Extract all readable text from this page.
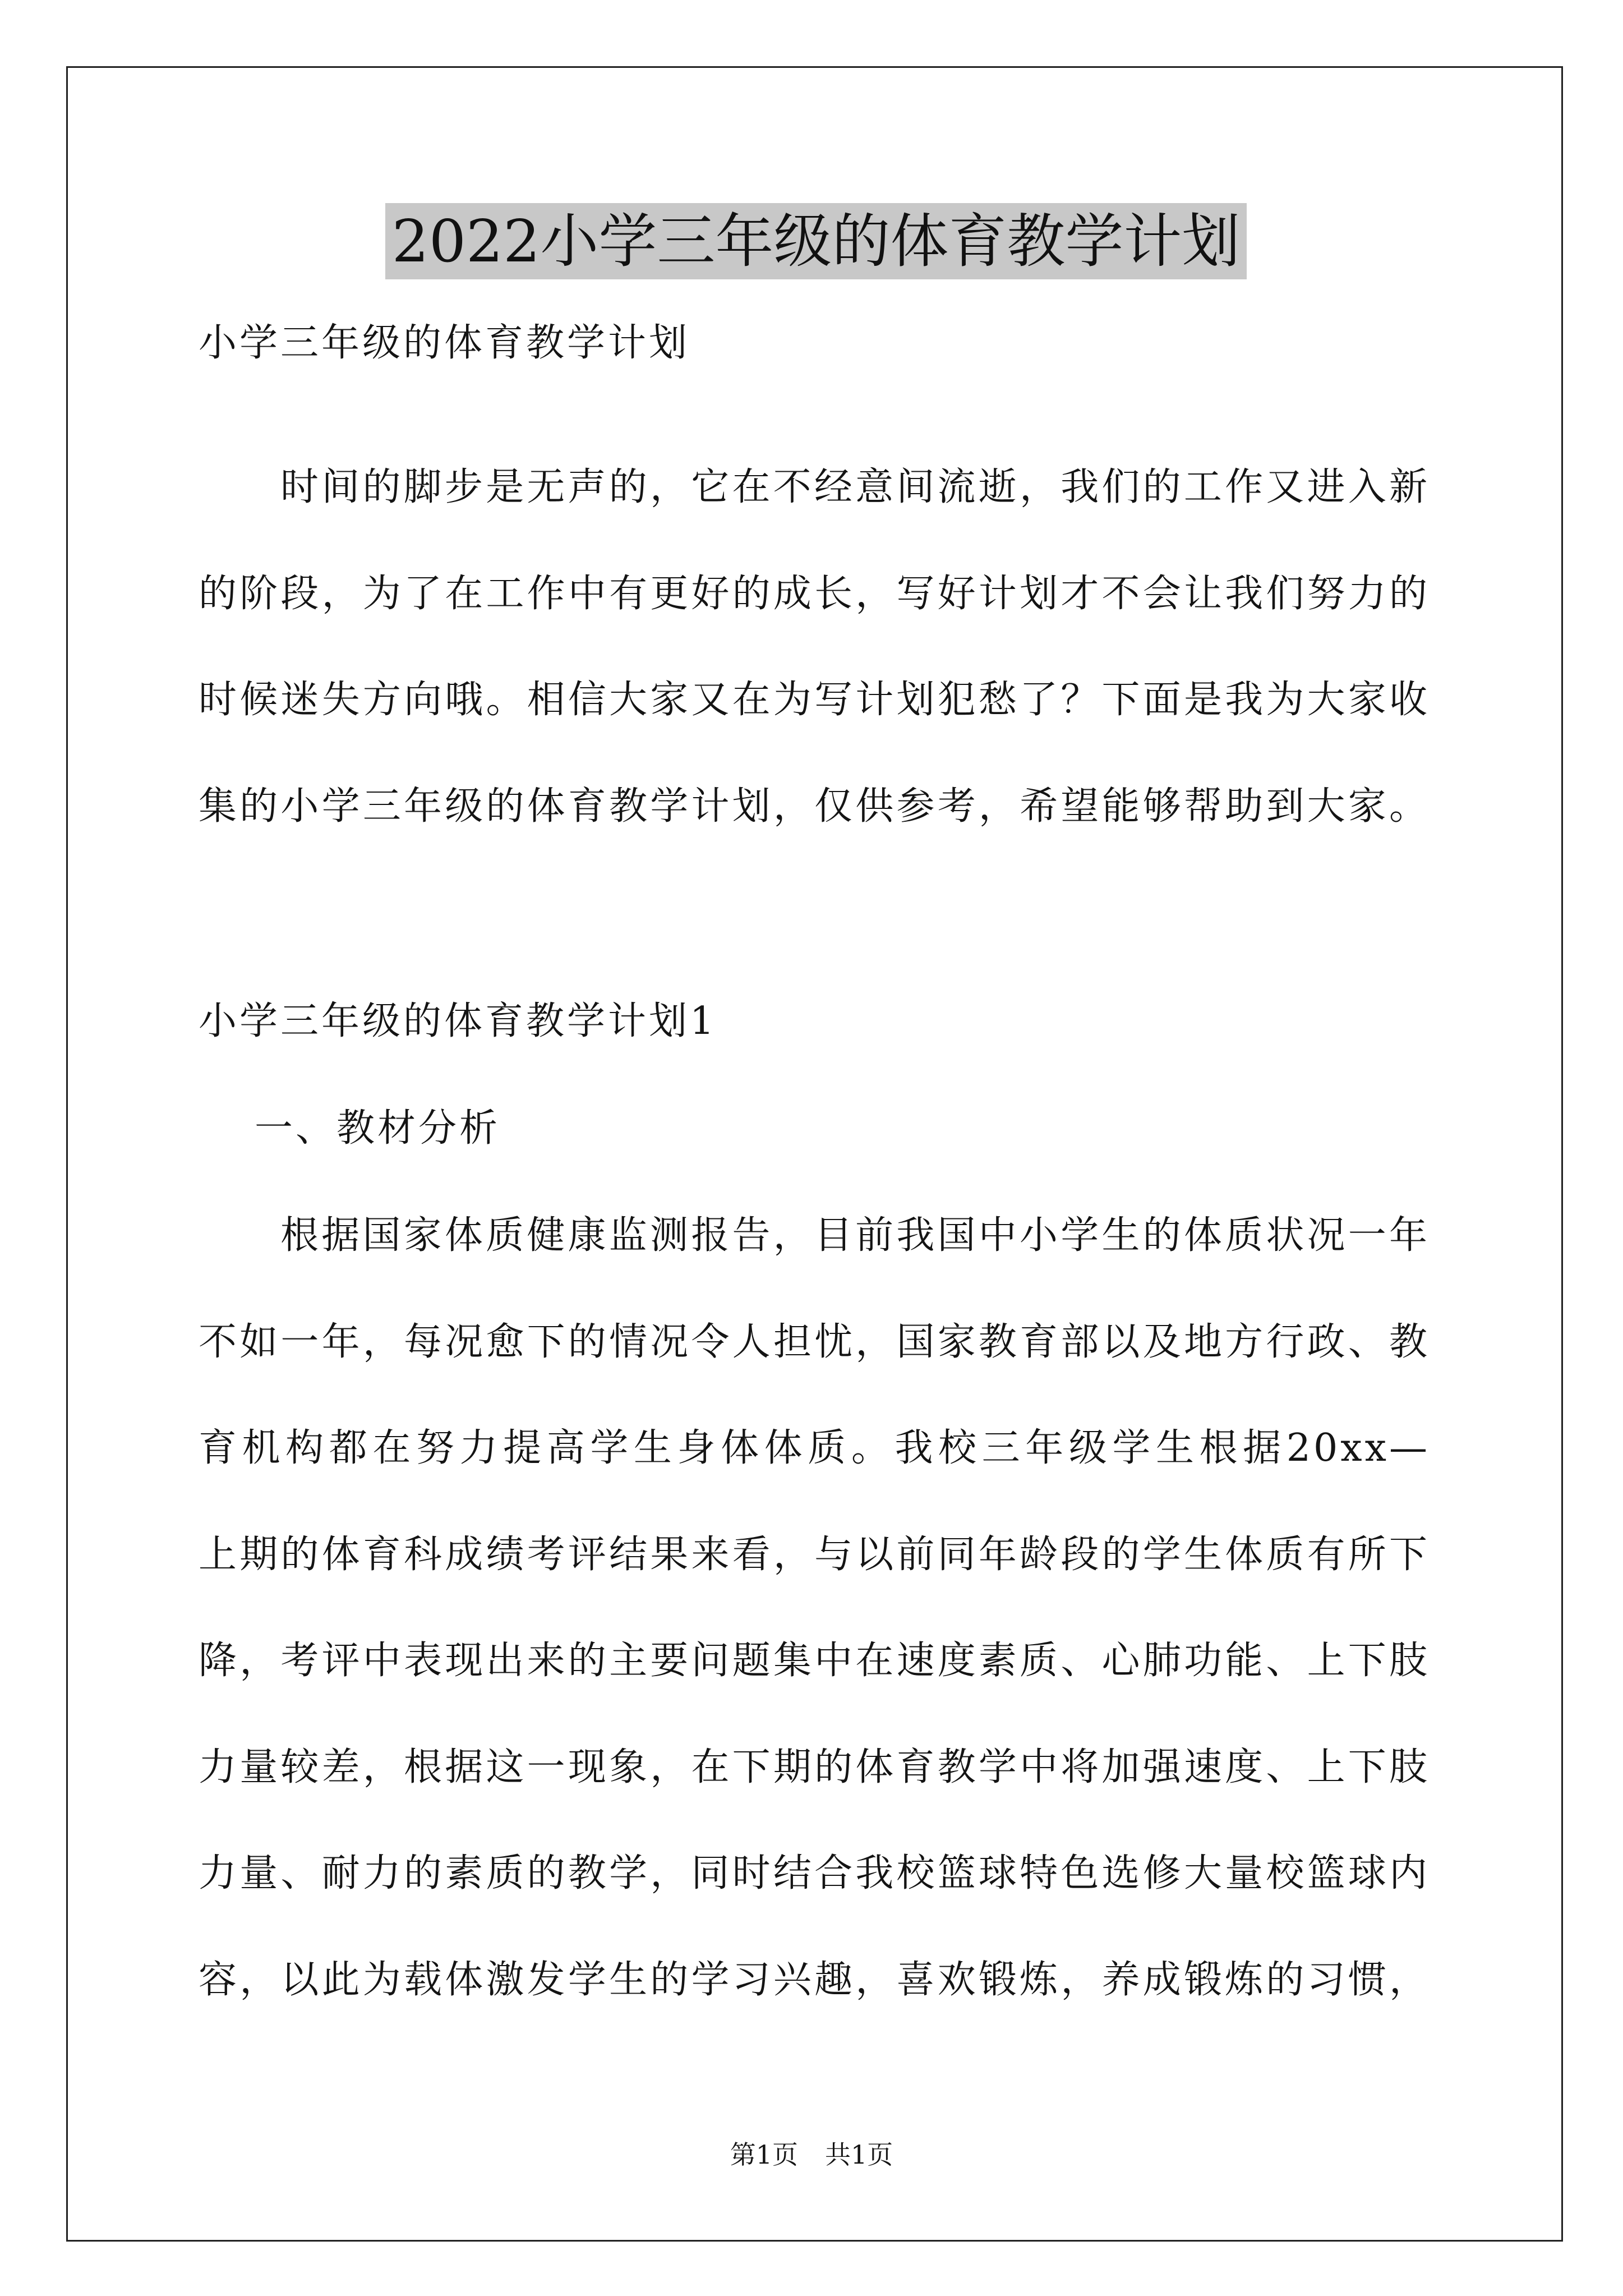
2022小学三年级的体育教学计划
小学三年级的体育教学计划
时间的脚步是无声的，它在不经意间流逝，我们的工作又进入新
的阶段，为了在工作中有更好的成长，写好计划才不会让我们努力的
时候迷失方向哦。相信大家又在为写计划犯愁了？下面是我为大家收
集的小学三年级的体育教学计划，仅供参考，希望能够帮助到大家。
小学三年级的体育教学计划1
一、教材分析
根据国家体质健康监测报告，目前我国中小学生的体质状况一年
不如一年，每况愈下的情况令人担忧，国家教育部以及地方行政、教
育机构都在努力提高学生身体体质。我校三年级学生根据20xx—
上期的体育科成绩考评结果来看，与以前同年龄段的学生体质有所下
降，考评中表现出来的主要问题集中在速度素质、心肺功能、上下肢
力量较差，根据这一现象，在下期的体育教学中将加强速度、上下肢
力量、耐力的素质的教学，同时结合我校篮球特色选修大量校篮球内
容，以此为载体激发学生的学习兴趣，喜欢锻炼，养成锻炼的习惯，
第1页 共1页
